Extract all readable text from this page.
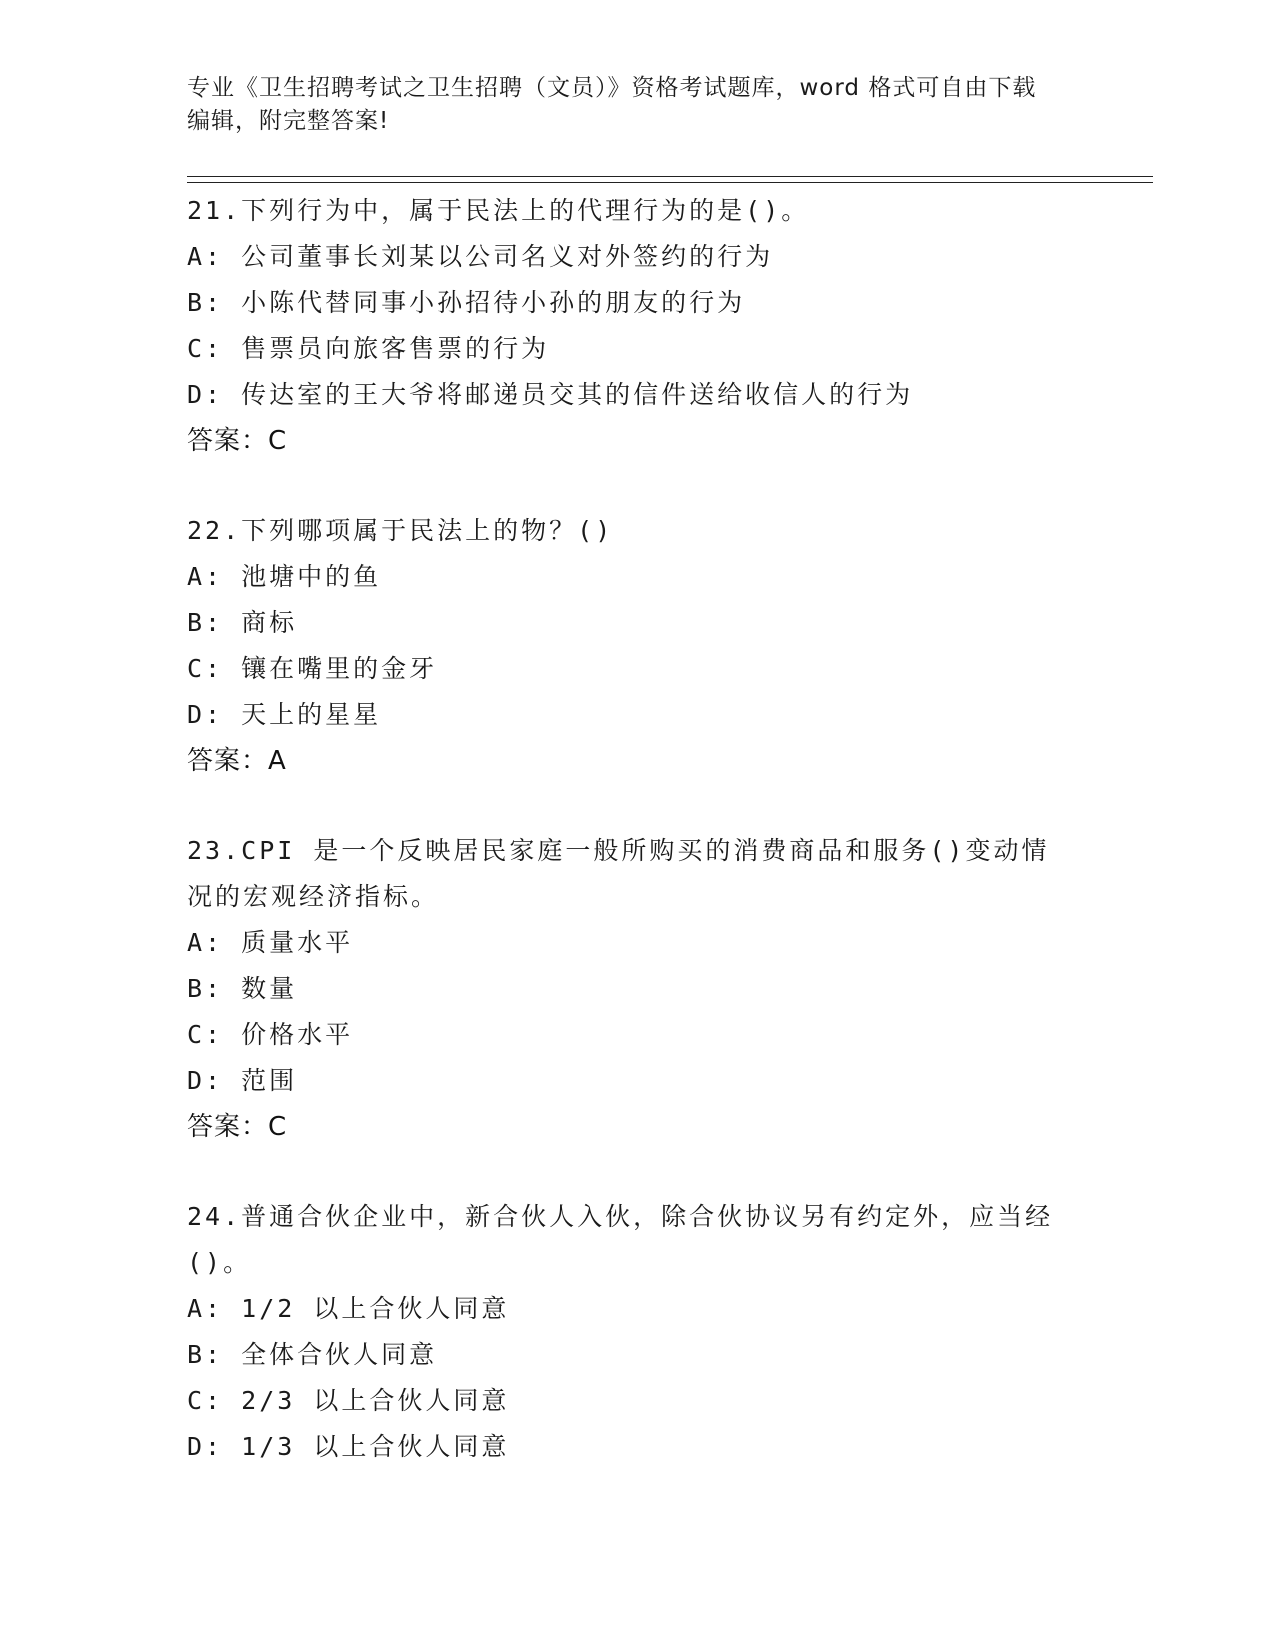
专业《卫生招聘考试之卫生招聘（文员）》资格考试题库，word 格式可自由下载
编辑，附完整答案!
21.下列行为中，属于民法上的代理行为的是()。
A: 公司董事长刘某以公司名义对外签约的行为
B: 小陈代替同事小孙招待小孙的朋友的行为
C: 售票员向旅客售票的行为
D: 传达室的王大爷将邮递员交其的信件送给收信人的行为
答案：C
22.下列哪项属于民法上的物？()
A: 池塘中的鱼
B: 商标
C: 镶在嘴里的金牙
D: 天上的星星
答案：A
23.CPI 是一个反映居民家庭一般所购买的消费商品和服务()变动情况的宏观经济指标。
A: 质量水平
B: 数量
C: 价格水平
D: 范围
答案：C
24.普通合伙企业中，新合伙人入伙，除合伙协议另有约定外，应当经()。
A: 1/2 以上合伙人同意
B: 全体合伙人同意
C: 2/3 以上合伙人同意
D: 1/3 以上合伙人同意
